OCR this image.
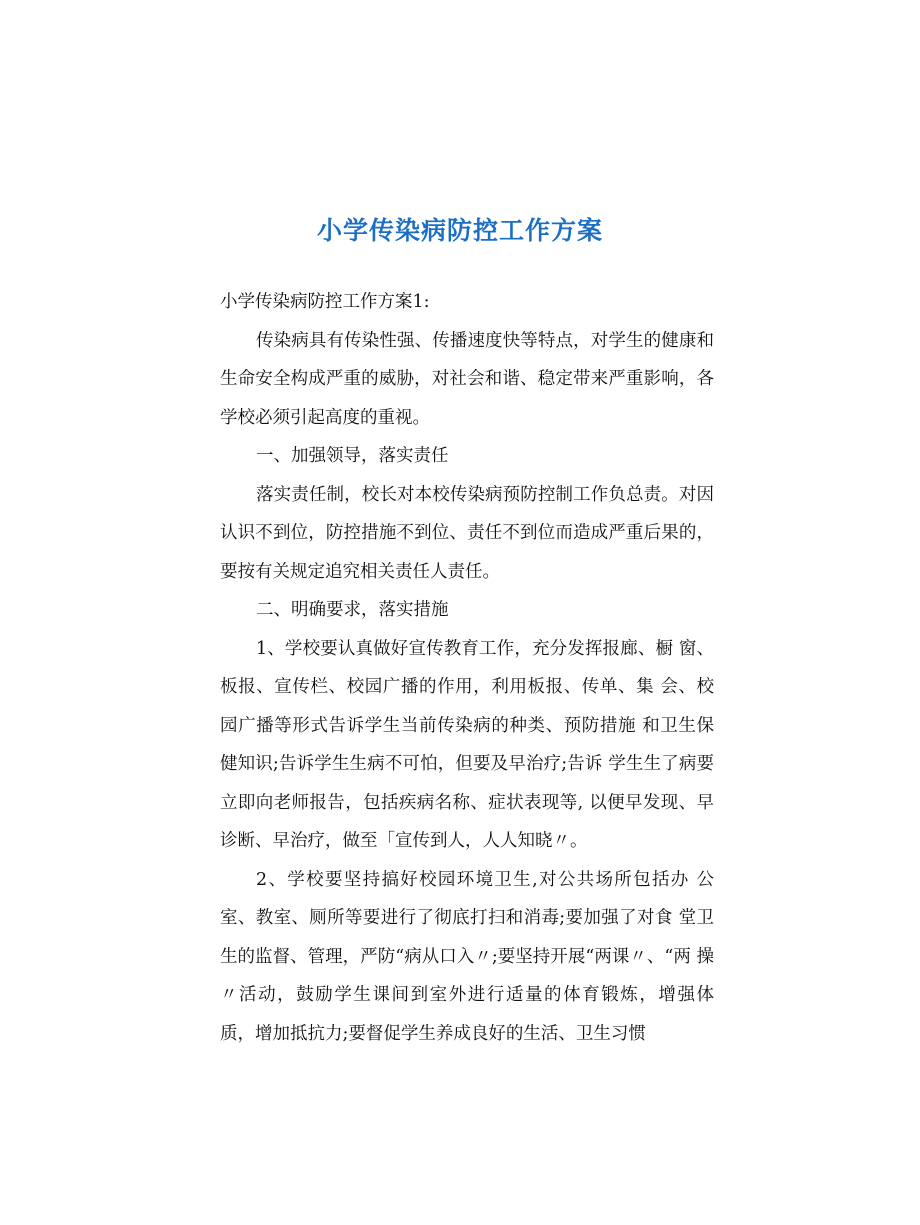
小学传染病防控工作方案

小学传染病防控工作方案1:

传染病具有传染性强、传播速度快等特点，对学生的健康和生命安全构成严重的威胁，对社会和谐、稳定带来严重影响，各学校必须引起高度的重视。

一、加强领导，落实责任

落实责任制，校长对本校传染病预防控制工作负总责。对因认识不到位，防控措施不到位、责任不到位而造成严重后果的，要按有关规定追究相关责任人责任。

二、明确要求，落实措施

1、学校要认真做好宣传教育工作，充分发挥报廊、橱 窗、板报、宣传栏、校园广播的作用，利用板报、传单、集 会、校园广播等形式告诉学生当前传染病的种类、预防措施 和卫生保健知识;告诉学生生病不可怕，但要及早治疗;告诉 学生生了病要立即向老师报告，包括疾病名称、症状表现等, 以便早发现、早诊断、早治疗，做至「宣传到人，人人知晓〃。

2、学校要坚持搞好校园环境卫生,对公共场所包括办 公室、教室、厕所等要进行了彻底打扫和消毒;要加强了对食 堂卫生的监督、管理，严防“病从口入〃;要坚持开展“两课〃、“两 操〃活动，鼓励学生课间到室外进行适量的体育锻炼，增强体 质，增加抵抗力;要督促学生养成良好的生活、卫生习惯
